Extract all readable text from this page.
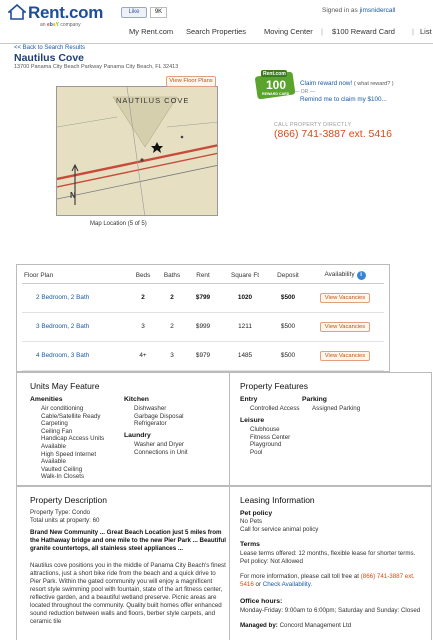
Rent.com
an ebaY company
Like	9K	Signed in as jimsnidercall
My Rent.com Search Properties Moving Center | $100 Reward Card | List
<< Back to Search Results
Nautilus Cove
13700 Panama City Beach Parkway Panama City Beach, FL 32413
NAUTILUS COVE
N
View Floor Plans
Map Location (5 of 5)
Rent.com
100
REWARD CARD
Claim reward now! ( what reward? )
— OR —
Remind me to claim my $100...
CALL PROPERTY DIRECTLY
(866) 741-3887 ext. 5416
Floor Plan	Beds	Baths	Rent	Square Ft	Deposit	Availability i
2 Bedroom, 2 Bath	2	2	$799	1020	$500	View Vacancies
3 Bedroom, 2 Bath	3	2	$999	1211	$500	View Vacancies
4 Bedroom, 3 Bath	4+	3	$979	1485	$500	View Vacancies
Units May Feature
Amenities
Air conditioning
Cable/Satellite Ready
Carpeting
Ceiling Fan
Handicap Access Units
Available
High Speed Internet
Available
Vaulted Ceiling
Walk-In Closets
Kitchen
Dishwasher
Garbage Disposal
Refrigerator
Laundry
Washer and Dryer
Connections in Unit
Property Features
Entry
Controlled Access
Parking
Assigned Parking
Leisure
Clubhouse
Fitness Center
Playground
Pool
Property Description
Property Type: Condo
Total units at property: 60
Brand New Community ... Great Beach Location just 5 miles from the Hathaway bridge and one mile to the new Pier Park ... Beautiful granite countertops, all stainless steel appliances ...
Nautilus cove positions you in the middle of Panama City Beach's finest attractions, just a short bike ride from the beach and a quick drive to Pier Park. Within the gated community you will enjoy a magnificent resort style swimming pool with fountain, state of the art fitness center, reflective garden, and a beautiful wetland preserve. Picnic areas are located throughout the community. Quality built homes offer enhanced sound reduction between walls and floors, berber style carpets, and ceramic tile
Leasing Information
Pet policy
No Pets
Call for service animal policy
Terms
Lease terms offered: 12 months, flexible lease for shorter terms. Pet policy: Not Allowed
For more information, please call toll free at (866) 741-3887 ext. 5416 or Check Availability.
Office hours:
Monday-Friday: 9:00am to 6:00pm; Saturday and Sunday: Closed
Managed by: Concord Management Ltd
